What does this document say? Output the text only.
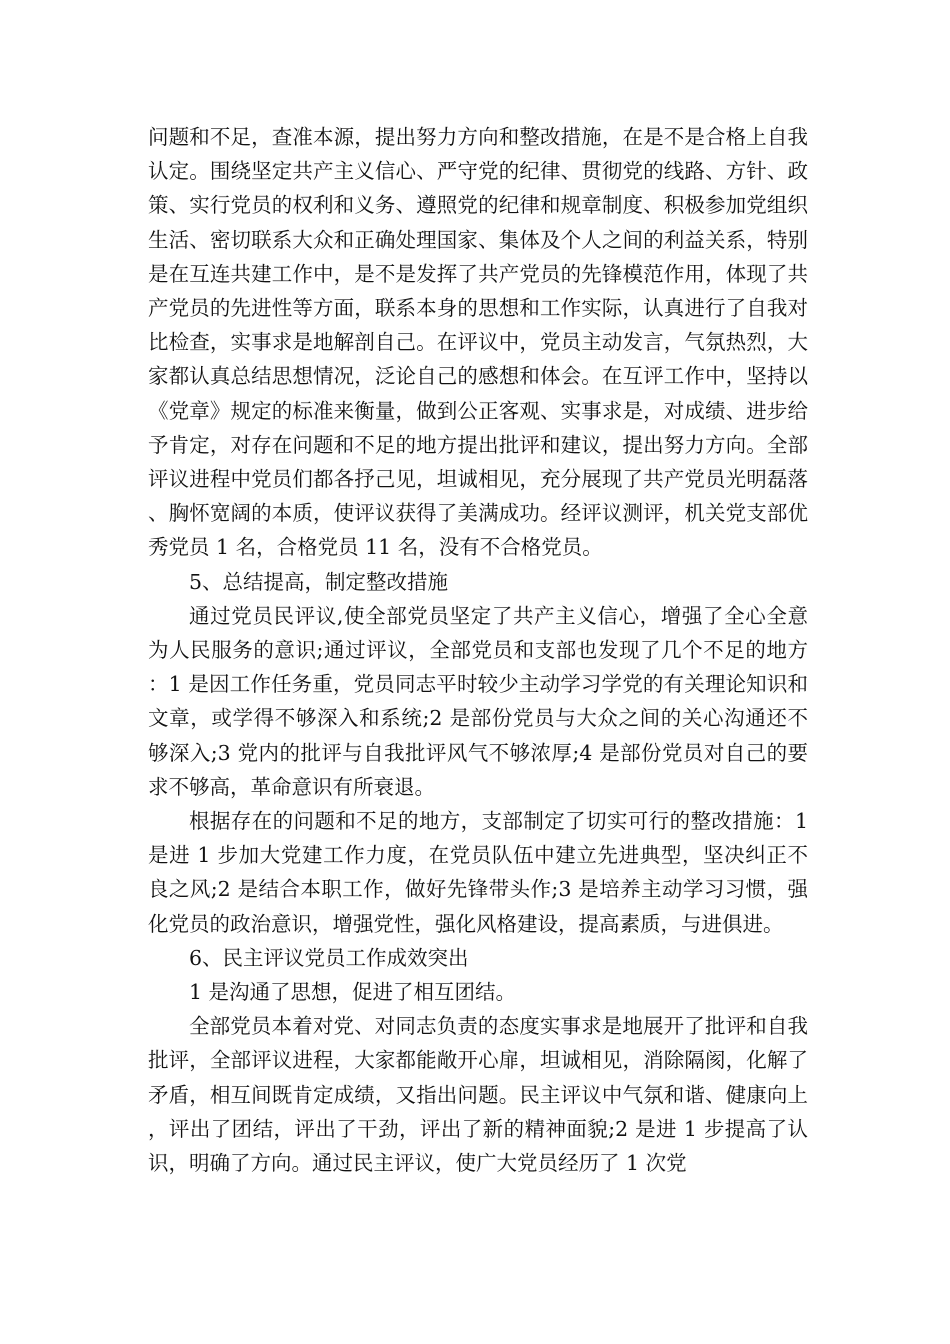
问题和不足，查准本源，提出努力方向和整改措施，在是不是合格上自我认定。围绕坚定共产主义信心、严守党的纪律、贯彻党的线路、方针、政策、实行党员的权利和义务、遵照党的纪律和规章制度、积极参加党组织生活、密切联系大众和正确处理国家、集体及个人之间的利益关系，特别是在互连共建工作中，是不是发挥了共产党员的先锋模范作用，体现了共产党员的先进性等方面，联系本身的思想和工作实际，认真进行了自我对比检查，实事求是地解剖自己。在评议中，党员主动发言，气氛热烈，大家都认真总结思想情况，泛论自己的感想和体会。在互评工作中，坚持以《党章》规定的标准来衡量，做到公正客观、实事求是，对成绩、进步给予肯定，对存在问题和不足的地方提出批评和建议，提出努力方向。全部评议进程中党员们都各抒己见，坦诚相见，充分展现了共产党员光明磊落、胸怀宽阔的本质，使评议获得了美满成功。经评议测评，机关党支部优秀党员 1 名，合格党员 11 名，没有不合格党员。

5、总结提高，制定整改措施

通过党员民评议,使全部党员坚定了共产主义信心，增强了全心全意为人民服务的意识;通过评议，全部党员和支部也发现了几个不足的地方：1 是因工作任务重，党员同志平时较少主动学习学党的有关理论知识和文章，或学得不够深入和系统;2 是部份党员与大众之间的关心沟通还不够深入;3 党内的批评与自我批评风气不够浓厚;4 是部份党员对自己的要求不够高，革命意识有所衰退。

根据存在的问题和不足的地方，支部制定了切实可行的整改措施：1 是进 1 步加大党建工作力度，在党员队伍中建立先进典型，坚决纠正不良之风;2 是结合本职工作，做好先锋带头作;3 是培养主动学习习惯，强化党员的政治意识，增强党性，强化风格建设，提高素质，与进俱进。

6、民主评议党员工作成效突出

1 是沟通了思想，促进了相互团结。

全部党员本着对党、对同志负责的态度实事求是地展开了批评和自我批评，全部评议进程，大家都能敞开心扉，坦诚相见，消除隔阂，化解了矛盾，相互间既肯定成绩，又指出问题。民主评议中气氛和谐、健康向上，评出了团结，评出了干劲，评出了新的精神面貌;2 是进 1 步提高了认识，明确了方向。通过民主评议，使广大党员经历了 1 次党
